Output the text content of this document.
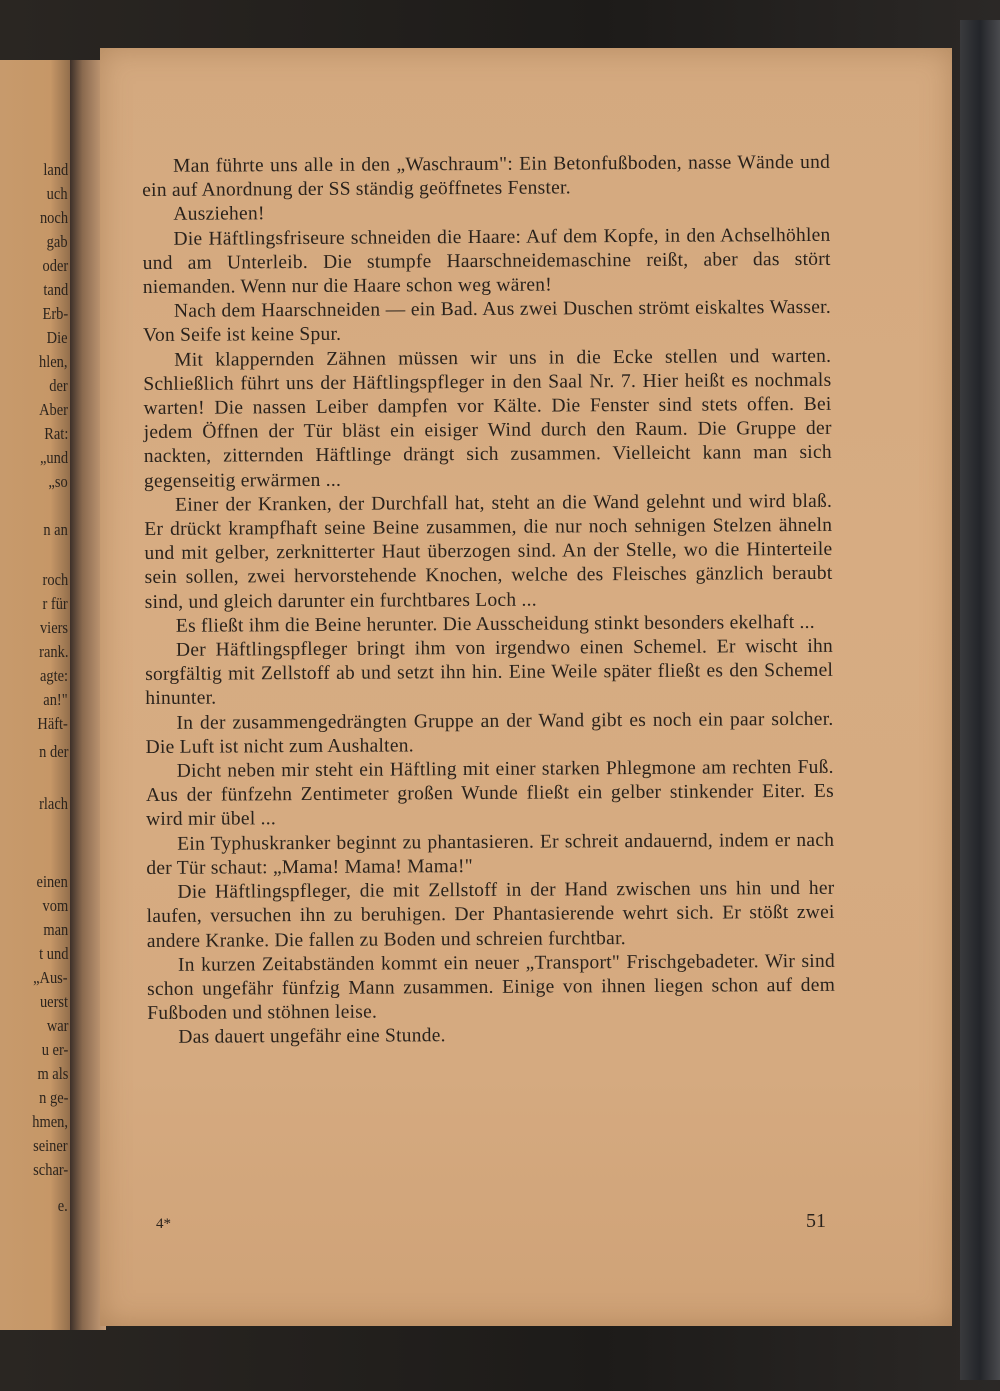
land
uch
noch
gab
oder
tand
Erb-
Die
hlen,
der
Aber
Rat:
„und
„so
n an
roch
r für
viers
rank.
agte:
an!"
Häft-
n der
rlach
einen
vom
man
t und
„Aus-
uerst
war
u er-
m als
n ge-
hmen,
seiner
schar-
e.

Man führte uns alle in den „Waschraum": Ein Betonfußboden, nasse Wände und ein auf Anordnung der SS ständig geöffnetes Fenster.

Ausziehen!

Die Häftlingsfriseure schneiden die Haare: Auf dem Kopfe, in den Achselhöhlen und am Unterleib. Die stumpfe Haarschneidemaschine reißt, aber das stört niemanden. Wenn nur die Haare schon weg wären!

Nach dem Haarschneiden — ein Bad. Aus zwei Duschen strömt eiskaltes Wasser. Von Seife ist keine Spur.

Mit klappernden Zähnen müssen wir uns in die Ecke stellen und warten. Schließlich führt uns der Häftlingspfleger in den Saal Nr. 7. Hier heißt es nochmals warten! Die nassen Leiber dampfen vor Kälte. Die Fenster sind stets offen. Bei jedem Öffnen der Tür bläst ein eisiger Wind durch den Raum. Die Gruppe der nackten, zitternden Häftlinge drängt sich zusammen. Vielleicht kann man sich gegenseitig erwärmen ...

Einer der Kranken, der Durchfall hat, steht an die Wand gelehnt und wird blaß. Er drückt krampfhaft seine Beine zusammen, die nur noch sehnigen Stelzen ähneln und mit gelber, zerknitterter Haut überzogen sind. An der Stelle, wo die Hinterteile sein sollen, zwei hervorstehende Knochen, welche des Fleisches gänzlich beraubt sind, und gleich darunter ein furchtbares Loch ...

Es fließt ihm die Beine herunter. Die Ausscheidung stinkt besonders ekelhaft ...

Der Häftlingspfleger bringt ihm von irgendwo einen Schemel. Er wischt ihn sorgfältig mit Zellstoff ab und setzt ihn hin. Eine Weile später fließt es den Schemel hinunter.

In der zusammengedrängten Gruppe an der Wand gibt es noch ein paar solcher. Die Luft ist nicht zum Aushalten.

Dicht neben mir steht ein Häftling mit einer starken Phlegmone am rechten Fuß. Aus der fünfzehn Zentimeter großen Wunde fließt ein gelber stinkender Eiter. Es wird mir übel ...

Ein Typhuskranker beginnt zu phantasieren. Er schreit andauernd, indem er nach der Tür schaut: „Mama! Mama! Mama!"

Die Häftlingspfleger, die mit Zellstoff in der Hand zwischen uns hin und her laufen, versuchen ihn zu beruhigen. Der Phantasierende wehrt sich. Er stößt zwei andere Kranke. Die fallen zu Boden und schreien furchtbar.

In kurzen Zeitabständen kommt ein neuer „Transport" Frischgebadeter. Wir sind schon ungefähr fünfzig Mann zusammen. Einige von ihnen liegen schon auf dem Fußboden und stöhnen leise.

Das dauert ungefähr eine Stunde.

4*	51
